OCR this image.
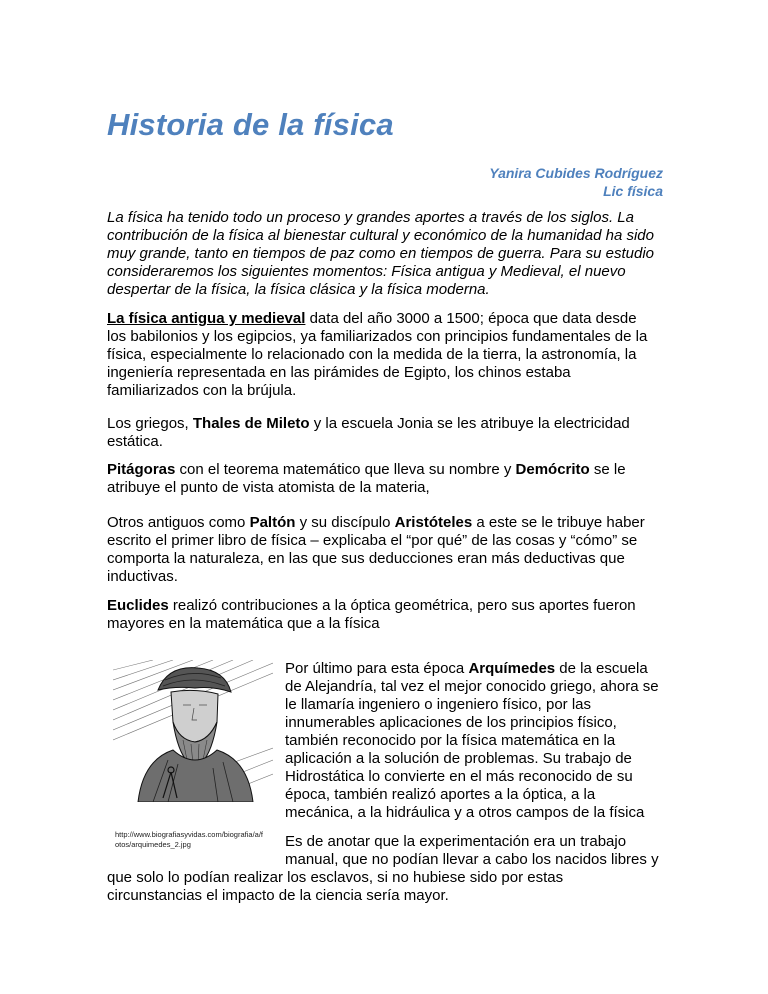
Historia de la física
Yanira Cubides Rodríguez
Lic física

La física ha tenido todo un proceso y grandes aportes a través de los siglos. La
contribución de la física al bienestar cultural y económico de la humanidad ha sido
muy grande, tanto en tiempos de paz como en tiempos de guerra. Para su estudio
consideraremos los siguientes momentos: Física antigua y Medieval, el nuevo
despertar de la física, la física clásica y la física moderna.

La física antigua y medieval data del año 3000 a 1500; época que data desde
los babilonios y los egipcios, ya familiarizados con principios fundamentales de la
física, especialmente lo relacionado con la medida de la tierra, la astronomía, la
ingeniería representada en las pirámides de Egipto, los chinos estaba
familiarizados con la brújula.

Los griegos, Thales de Mileto y la escuela Jonia se les atribuye la electricidad
estática.

Pitágoras con el teorema matemático que lleva su nombre y Demócrito se le
atribuye el punto de vista atomista de la materia,

Otros antiguos como Paltón y su discípulo Aristóteles a este se le tribuye haber
escrito el primer libro de física – explicaba el “por qué” de las cosas y “cómo” se
comporta la naturaleza, en las que sus deducciones eran más deductivas que
inductivas.

Euclides realizó contribuciones a la óptica geométrica, pero sus aportes fueron
mayores en la matemática que a la física

http://www.biografiasyvidas.com/biografia/a/f
otos/arquimedes_2.jpg

Por último para esta época Arquímedes de la escuela
de Alejandría, tal vez el mejor conocido griego, ahora se
le llamaría ingeniero o ingeniero físico, por las
innumerables aplicaciones de los principios físico,
también reconocido por la física matemática en la
aplicación a la solución de problemas. Su trabajo de
Hidrostática lo convierte en el más reconocido de su
época, también realizó aportes a la óptica, a la
mecánica, a la hidráulica y a otros campos de la física

Es de anotar que la experimentación era un trabajo
manual, que no podían llevar a cabo los nacidos libres y

que solo lo podían realizar los esclavos, si no hubiese sido por estas
circunstancias el impacto de la ciencia sería mayor.
